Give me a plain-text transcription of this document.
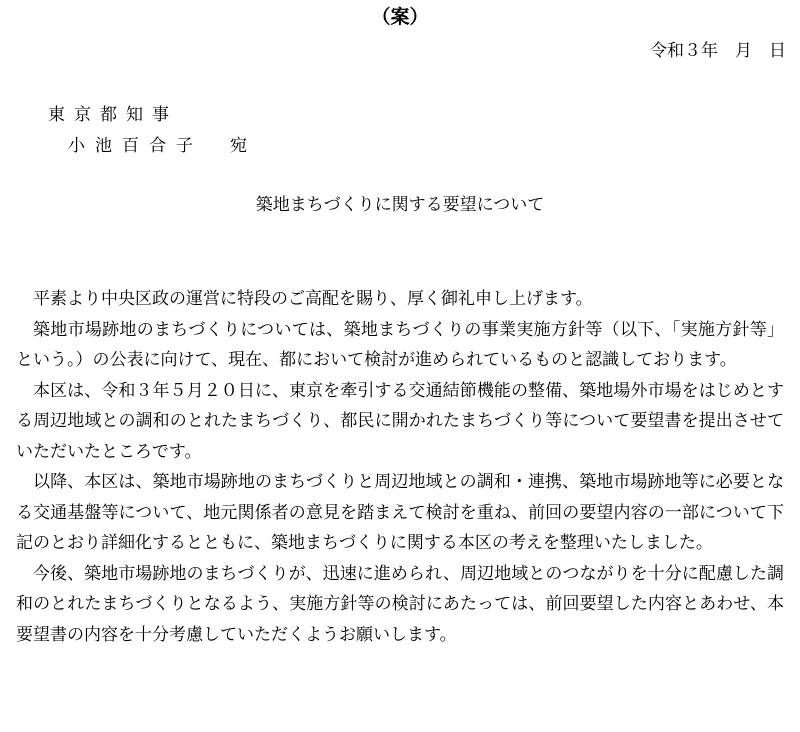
（案）
令和３年　月　日
東京都知事
小池百合子　宛
築地まちづくりに関する要望について

平素より中央区政の運営に特段のご高配を賜り、厚く御礼申し上げます。

築地市場跡地のまちづくりについては、築地まちづくりの事業実施方針等（以下、「実施方針等」という。）の公表に向けて、現在、都において検討が進められているものと認識しております。

本区は、令和３年５月２０日に、東京を牽引する交通結節機能の整備、築地場外市場をはじめとする周辺地域との調和のとれたまちづくり、都民に開かれたまちづくり等について要望書を提出させていただいたところです。

以降、本区は、築地市場跡地のまちづくりと周辺地域との調和・連携、築地市場跡地等に必要となる交通基盤等について、地元関係者の意見を踏まえて検討を重ね、前回の要望内容の一部について下記のとおり詳細化するとともに、築地まちづくりに関する本区の考えを整理いたしました。

今後、築地市場跡地のまちづくりが、迅速に進められ、周辺地域とのつながりを十分に配慮した調和のとれたまちづくりとなるよう、実施方針等の検討にあたっては、前回要望した内容とあわせ、本要望書の内容を十分考慮していただくようお願いします。
